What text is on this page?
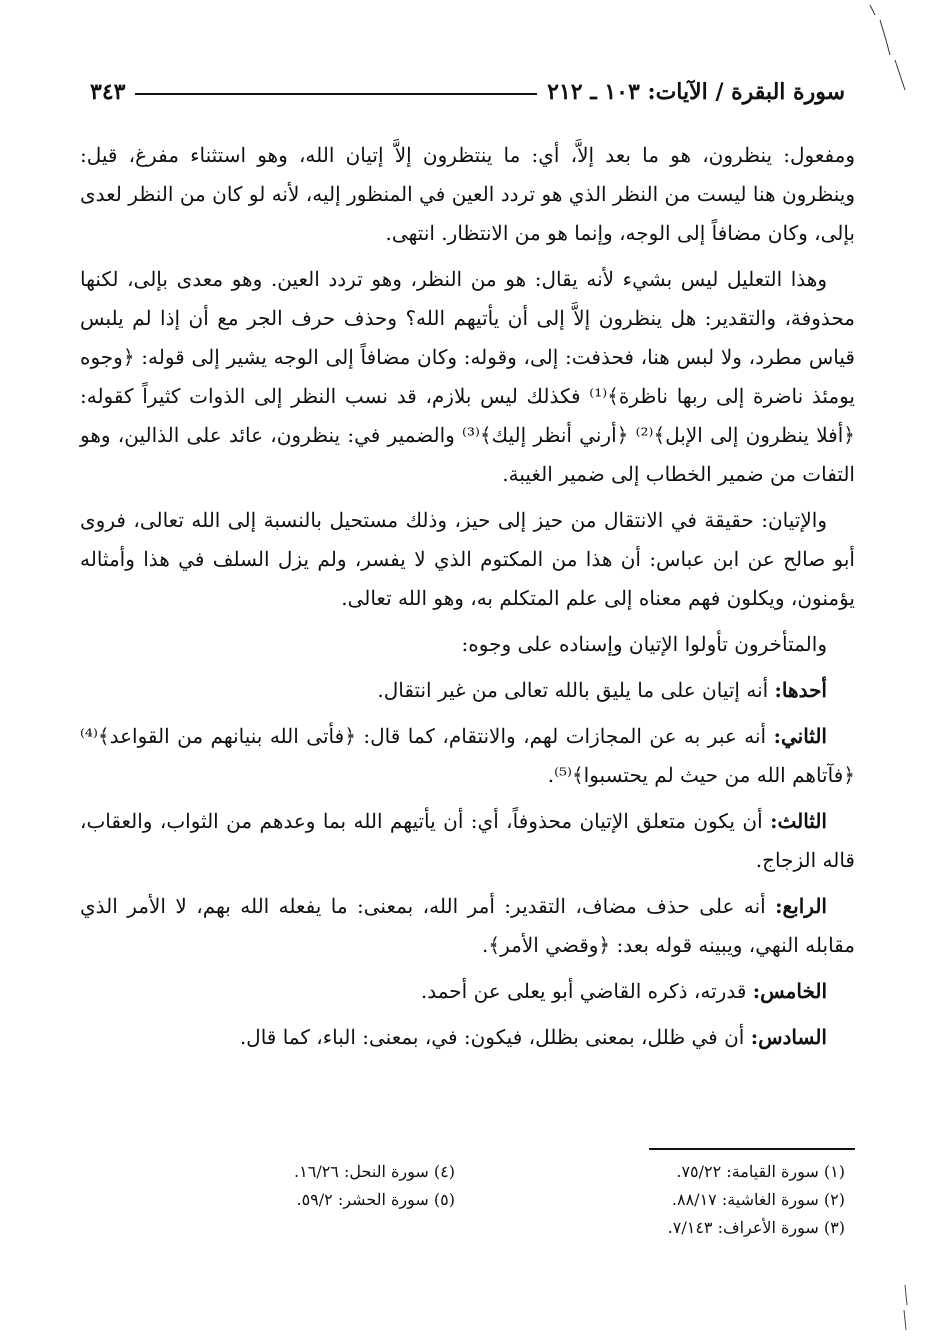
سورة البقرة / الآيات: ١٠٣ ـ ٢١٢
٣٤٣

ومفعول: ينظرون، هو ما بعد إلاَّ، أي: ما ينتظرون إلاَّ إتيان الله، وهو استثناء مفرغ، قيل: وينظرون هنا ليست من النظر الذي هو تردد العين في المنظور إليه، لأنه لو كان من النظر لعدى بإلى، وكان مضافاً إلى الوجه، وإنما هو من الانتظار. انتهى.

وهذا التعليل ليس بشيء لأنه يقال: هو من النظر، وهو تردد العين. وهو معدى بإلى، لكنها محذوفة، والتقدير: هل ينظرون إلاَّ إلى أن يأتيهم الله؟ وحذف حرف الجر مع أن إذا لم يلبس قياس مطرد، ولا لبس هنا، فحذفت: إلى، وقوله: وكان مضافاً إلى الوجه يشير إلى قوله: ﴿وجوه يومئذ ناضرة إلى ربها ناظرة﴾⁽¹⁾ فكذلك ليس بلازم، قد نسب النظر إلى الذوات كثيراً كقوله: ﴿أفلا ينظرون إلى الإبل﴾⁽²⁾ ﴿أرني أنظر إليك﴾⁽³⁾ والضمير في: ينظرون، عائد على الذالين، وهو التفات من ضمير الخطاب إلى ضمير الغيبة.

والإتيان: حقيقة في الانتقال من حيز إلى حيز، وذلك مستحيل بالنسبة إلى الله تعالى، فروى أبو صالح عن ابن عباس: أن هذا من المكتوم الذي لا يفسر، ولم يزل السلف في هذا وأمثاله يؤمنون، ويكلون فهم معناه إلى علم المتكلم به، وهو الله تعالى.

والمتأخرون تأولوا الإتيان وإسناده على وجوه:

أحدها: أنه إتيان على ما يليق بالله تعالى من غير انتقال.

الثاني: أنه عبر به عن المجازات لهم، والانتقام، كما قال: ﴿فأتى الله بنيانهم من القواعد﴾⁽⁴⁾ ﴿فآتاهم الله من حيث لم يحتسبوا﴾⁽⁵⁾.

الثالث: أن يكون متعلق الإتيان محذوفاً، أي: أن يأتيهم الله بما وعدهم من الثواب، والعقاب، قاله الزجاج.

الرابع: أنه على حذف مضاف، التقدير: أمر الله، بمعنى: ما يفعله الله بهم، لا الأمر الذي مقابله النهي، ويبينه قوله بعد: ﴿وقضي الأمر﴾.

الخامس: قدرته، ذكره القاضي أبو يعلى عن أحمد.

السادس: أن في ظلل، بمعنى بظلل، فيكون: في، بمعنى: الباء، كما قال.

(١) سورة القيامة: ٧٥/٢٢.
(٢) سورة الغاشية: ٨٨/١٧.
(٣) سورة الأعراف: ٧/١٤٣.
(٤) سورة النحل: ١٦/٢٦.
(٥) سورة الحشر: ٥٩/٢.
